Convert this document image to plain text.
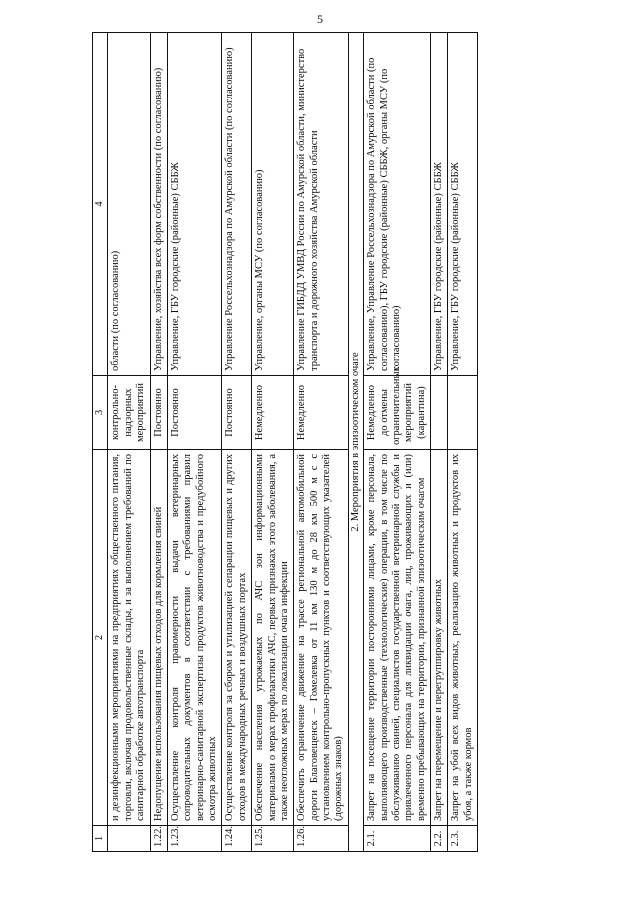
5
1	2	3	4
	и дезинфекционными мероприятиями на предприятиях общественного питания, торговли, включая продовольственные склады, и за выполнением требований по санитарной обработке автотранспорта	контрольно-надзорных мероприятий	области (по согласованию)
1.22.	Недопущение использования пищевых отходов для кормления свиней	Постоянно	Управление, хозяйства всех форм собственности (по согласованию)
1.23.	Осуществление контроля правомерности выдачи ветеринарных сопроводительных документов в соответствии с требованиями правил ветеринарно-санитарной экспертизы продуктов животноводства и предубойного осмотра животных	Постоянно	Управление, ГБУ городские (районные) СББЖ
1.24.	Осуществление контроля за сбором и утилизацией сепарации пищевых и других отходов в международных речных и воздушных портах	Постоянно	Управление Россельхознадзора по Амурской области (по согласованию)
1.25.	Обеспечение населения угрожаемых по АЧС зон информационными материалами о мерах профилактики АЧС, первых признаках этого заболевания, а также неотложных мерах по локализации очага инфекции	Немедленно	Управление, органы МСУ (по согласованию)
1.26.	Обеспечить ограничение движение на трассе региональной автомобильной дороги Благовещенск – Гомелевка от 11 км 130 м до 28 км 500 м с с установлением контрольно-пропускных пунктов и соответствующих указателей (дорожных знаков)	Немедленно	Управление ГИБДД УМВД России по Амурской области, министерство транспорта и дорожного хозяйства Амурской области
2. Мероприятия в эпизоотическом очаге			
2.1.	Запрет на посещение территории посторонними лицами, кроме персонала, выполняющего производственные (технологические) операции, в том числе по обслуживанию свиней, специалистов государственной ветеринарной службы и привлеченного персонала для ликвидации очага, лиц, проживающих и (или) временно пребывающих на территории, признанной эпизоотическим очагом	Немедленно до отмены ограничительных мероприятий (карантина)	Управление, Управление Россельхознадзора по Амурской области (по согласованию), ГБУ городские (районные) СББЖ, органы МСУ (по согласованию)
2.2.	Запрет на перемещение и перегруппировку животных		Управление, ГБУ городские (районные) СББЖ
2.3.	Запрет на убой всех видов животных, реализацию животных и продуктов их убоя, а также кормов		Управление, ГБУ городские (районные) СББЖ
